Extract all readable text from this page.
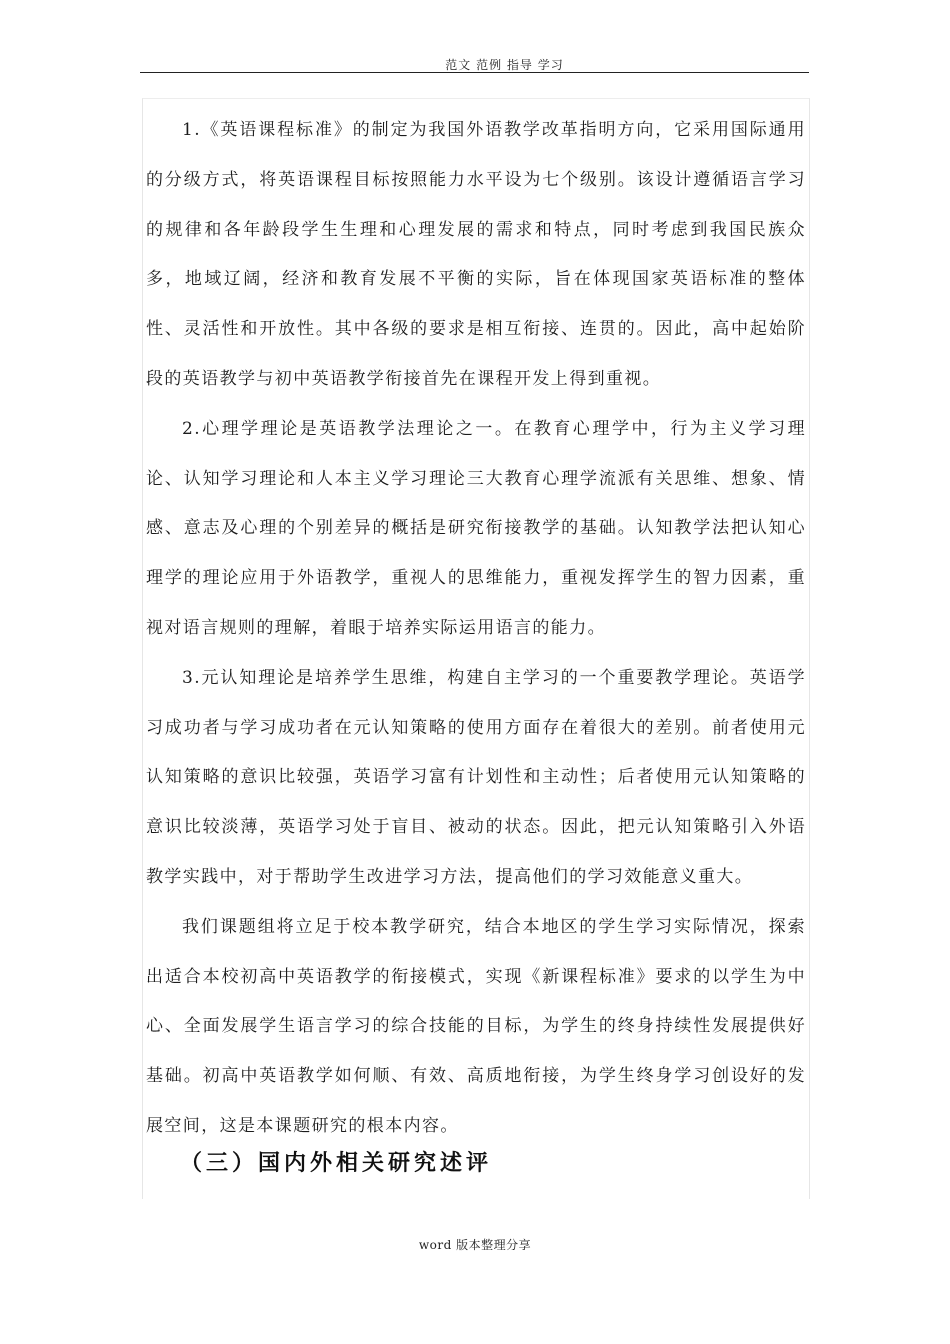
范文 范例 指导 学习

1.《英语课程标准》的制定为我国外语教学改革指明方向，它采用国际通用的分级方式，将英语课程目标按照能力水平设为七个级别。该设计遵循语言学习的规律和各年龄段学生生理和心理发展的需求和特点，同时考虑到我国民族众多，地域辽阔，经济和教育发展不平衡的实际，旨在体现国家英语标准的整体性、灵活性和开放性。其中各级的要求是相互衔接、连贯的。因此，高中起始阶段的英语教学与初中英语教学衔接首先在课程开发上得到重视。

2.心理学理论是英语教学法理论之一。在教育心理学中，行为主义学习理论、认知学习理论和人本主义学习理论三大教育心理学流派有关思维、想象、情感、意志及心理的个别差异的概括是研究衔接教学的基础。认知教学法把认知心理学的理论应用于外语教学，重视人的思维能力，重视发挥学生的智力因素，重视对语言规则的理解，着眼于培养实际运用语言的能力。

3.元认知理论是培养学生思维，构建自主学习的一个重要教学理论。英语学习成功者与学习成功者在元认知策略的使用方面存在着很大的差别。前者使用元认知策略的意识比较强，英语学习富有计划性和主动性；后者使用元认知策略的意识比较淡薄，英语学习处于盲目、被动的状态。因此，把元认知策略引入外语教学实践中，对于帮助学生改进学习方法，提高他们的学习效能意义重大。

我们课题组将立足于校本教学研究，结合本地区的学生学习实际情况，探索出适合本校初高中英语教学的衔接模式，实现《新课程标准》要求的以学生为中心、全面发展学生语言学习的综合技能的目标，为学生的终身持续性发展提供好基础。初高中英语教学如何顺、有效、高质地衔接，为学生终身学习创设好的发展空间，这是本课题研究的根本内容。

（三）国内外相关研究述评
word 版本整理分享
